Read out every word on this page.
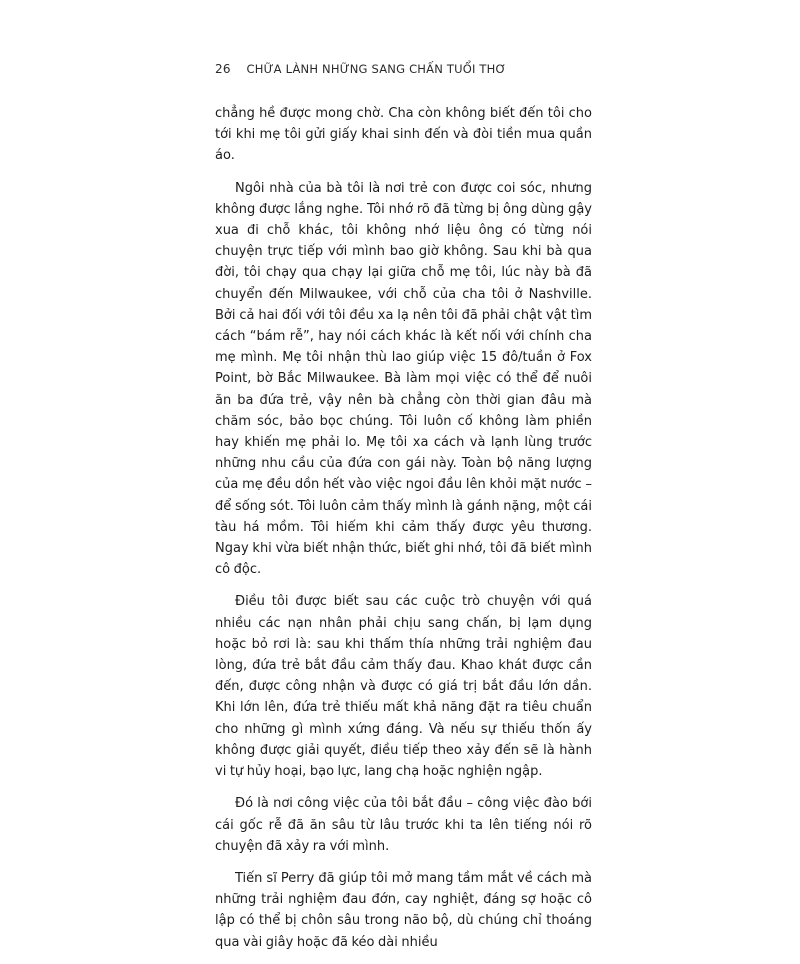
26 CHỮA LÀNH NHỮNG SANG CHẤN TUỔI THƠ

chẳng hề được mong chờ. Cha còn không biết đến tôi cho tới khi mẹ tôi gửi giấy khai sinh đến và đòi tiền mua quần áo.

Ngôi nhà của bà tôi là nơi trẻ con được coi sóc, nhưng không được lắng nghe. Tôi nhớ rõ đã từng bị ông dùng gậy xua đi chỗ khác, tôi không nhớ liệu ông có từng nói chuyện trực tiếp với mình bao giờ không. Sau khi bà qua đời, tôi chạy qua chạy lại giữa chỗ mẹ tôi, lúc này bà đã chuyển đến Milwaukee, với chỗ của cha tôi ở Nashville. Bởi cả hai đối với tôi đều xa lạ nên tôi đã phải chật vật tìm cách “bám rễ”, hay nói cách khác là kết nối với chính cha mẹ mình. Mẹ tôi nhận thù lao giúp việc 15 đô/tuần ở Fox Point, bờ Bắc Milwaukee. Bà làm mọi việc có thể để nuôi ăn ba đứa trẻ, vậy nên bà chẳng còn thời gian đâu mà chăm sóc, bảo bọc chúng. Tôi luôn cố không làm phiền hay khiến mẹ phải lo. Mẹ tôi xa cách và lạnh lùng trước những nhu cầu của đứa con gái này. Toàn bộ năng lượng của mẹ đều dồn hết vào việc ngoi đầu lên khỏi mặt nước – để sống sót. Tôi luôn cảm thấy mình là gánh nặng, một cái tàu há mồm. Tôi hiếm khi cảm thấy được yêu thương. Ngay khi vừa biết nhận thức, biết ghi nhớ, tôi đã biết mình cô độc.

Điều tôi được biết sau các cuộc trò chuyện với quá nhiều các nạn nhân phải chịu sang chấn, bị lạm dụng hoặc bỏ rơi là: sau khi thấm thía những trải nghiệm đau lòng, đứa trẻ bắt đầu cảm thấy đau. Khao khát được cần đến, được công nhận và được có giá trị bắt đầu lớn dần. Khi lớn lên, đứa trẻ thiếu mất khả năng đặt ra tiêu chuẩn cho những gì mình xứng đáng. Và nếu sự thiếu thốn ấy không được giải quyết, điều tiếp theo xảy đến sẽ là hành vi tự hủy hoại, bạo lực, lang chạ hoặc nghiện ngập.

Đó là nơi công việc của tôi bắt đầu – công việc đào bới cái gốc rễ đã ăn sâu từ lâu trước khi ta lên tiếng nói rõ chuyện đã xảy ra với mình.

Tiến sĩ Perry đã giúp tôi mở mang tầm mắt về cách mà những trải nghiệm đau đớn, cay nghiệt, đáng sợ hoặc cô lập có thể bị chôn sâu trong não bộ, dù chúng chỉ thoáng qua vài giây hoặc đã kéo dài nhiều
